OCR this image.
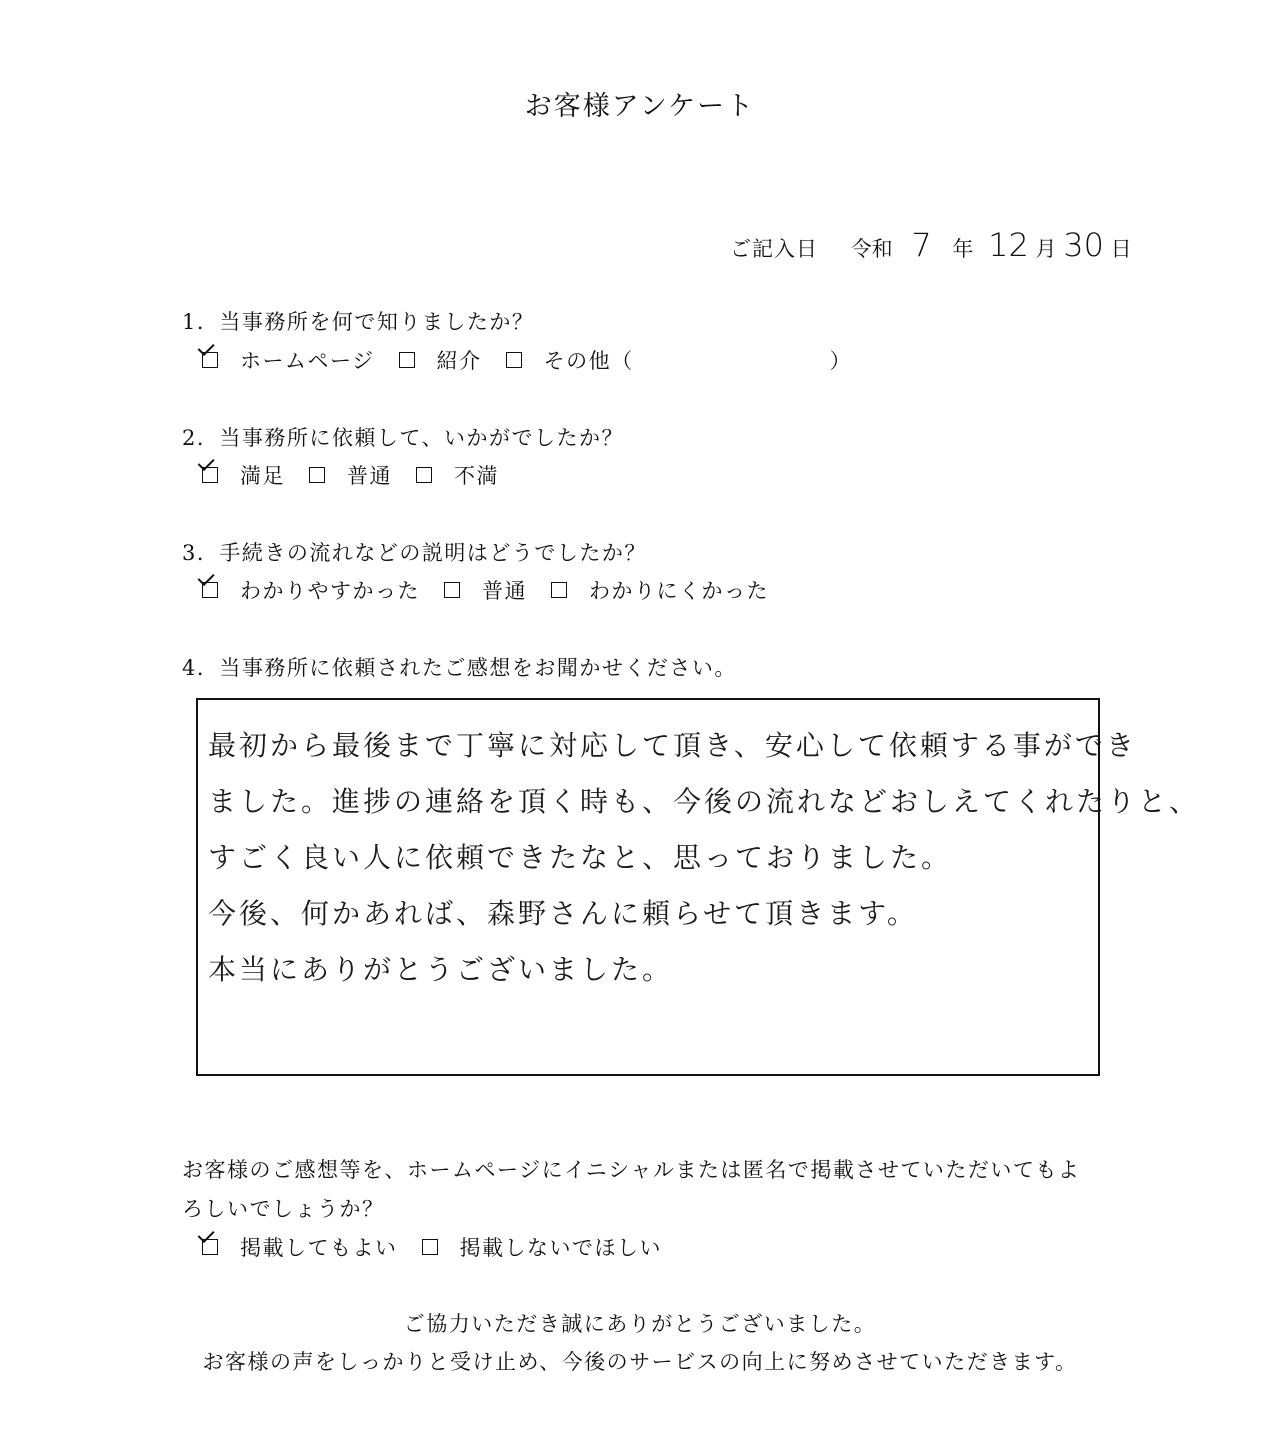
お客様アンケート
ご記入日 令和 7 年 12 月 30 日
1．当事務所を何で知りましたか？
ホームページ	紹介	その他（	）
2．当事務所に依頼して、いかがでしたか？
満足	普通	不満
3．手続きの流れなどの説明はどうでしたか？
わかりやすかった	普通	わかりにくかった
4．当事務所に依頼されたご感想をお聞かせください。
最初から最後まで丁寧に対応して頂き、安心して依頼する事ができ
ました。進捗の連絡を頂く時も、今後の流れなどおしえてくれたりと、
すごく良い人に依頼できたなと、思っておりました。
今後、何かあれば、森野さんに頼らせて頂きます。
本当にありがとうございました。
お客様のご感想等を、ホームページにイニシャルまたは匿名で掲載させていただいてもよ
ろしいでしょうか？
掲載してもよい	掲載しないでほしい
ご協力いただき誠にありがとうございました。
お客様の声をしっかりと受け止め、今後のサービスの向上に努めさせていただきます。
